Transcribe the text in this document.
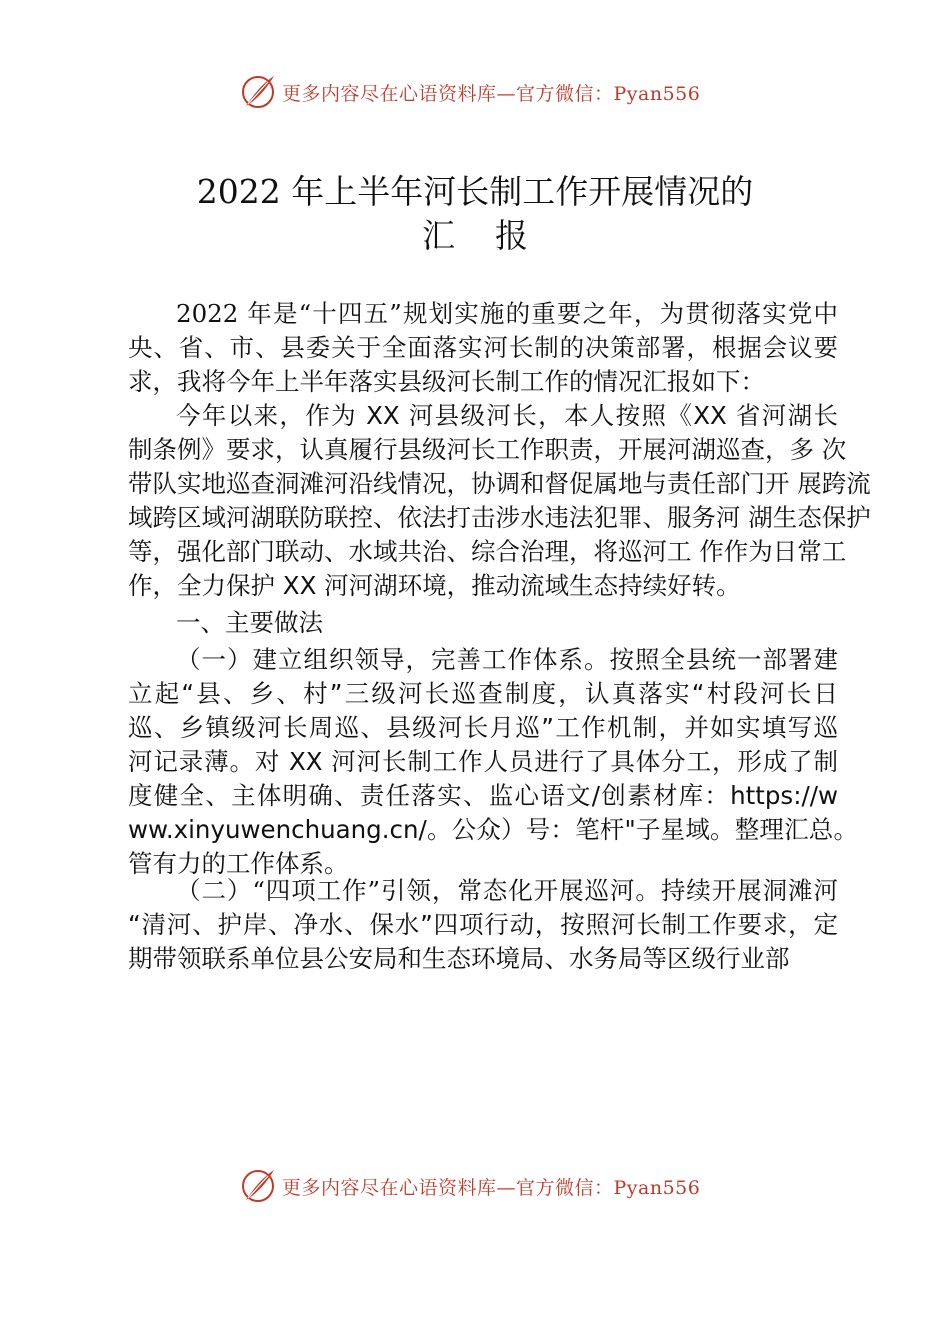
更多内容尽在心语资料库—官方微信：Pyan556
2022 年上半年河长制工作开展情况的
汇报
2022 年是“十四五”规划实施的重要之年，为贯彻落实党中
央、省、市、县委关于全面落实河长制的决策部署，根据会议要
求，我将今年上半年落实县级河长制工作的情况汇报如下：
今年以来，作为 XX 河县级河长，本人按照《XX 省河湖长
制条例》要求，认真履行县级河长工作职责，开展河湖巡查，多 次
带队实地巡查洞滩河沿线情况，协调和督促属地与责任部门开 展跨流
域跨区域河湖联防联控、依法打击涉水违法犯罪、服务河 湖生态保护
等，强化部门联动、水域共治、综合治理，将巡河工 作作为日常工
作，全力保护 XX 河河湖环境，推动流域生态持续好转。
一、主要做法
（一）建立组织领导，完善工作体系。按照全县统一部署建
立起“县、乡、村”三级河长巡查制度，认真落实“村段河长日
巡、乡镇级河长周巡、县级河长月巡”工作机制，并如实填写巡
河记录薄。对 XX 河河长制工作人员进行了具体分工，形成了制
度健全、主体明确、责任落实、监心语文/创素材库：https://w
ww.xinyuwenchuang.cn/。公众）号：笔杆"子星域。整理汇总。
管有力的工作体系。
（二）“四项工作”引领，常态化开展巡河。持续开展洞滩河
“清河、护岸、净水、保水”四项行动，按照河长制工作要求，定
期带领联系单位县公安局和生态环境局、水务局等区级行业部
更多内容尽在心语资料库—官方微信：Pyan556
